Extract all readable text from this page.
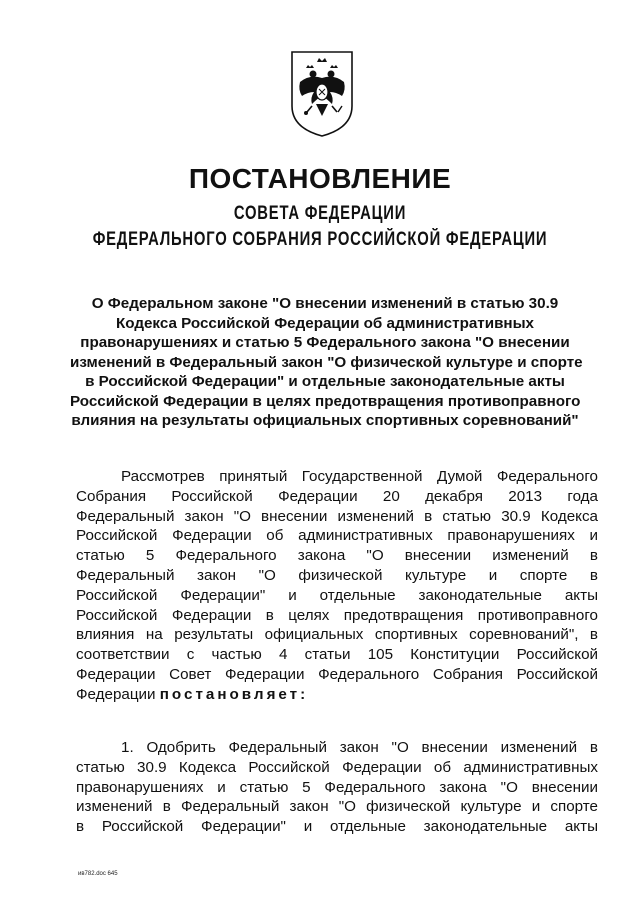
ПОСТАНОВЛЕНИЕ
СОВЕТА ФЕДЕРАЦИИ
ФЕДЕРАЛЬНОГО СОБРАНИЯ РОССИЙСКОЙ ФЕДЕРАЦИИ
О Федеральном законе "О внесении изменений в статью 30.9
Кодекса Российской Федерации об административных
правонарушениях и статью 5 Федерального закона "О внесении
изменений в Федеральный закон "О физической культуре и спорте
в Российской Федерации" и отдельные законодательные акты
Российской Федерации в целях предотвращения противоправного
влияния на результаты официальных спортивных соревнований"
Рассмотрев принятый Государственной Думой Федерального
Собрания Российской Федерации 20 декабря 2013 года
Федеральный закон "О внесении изменений в статью 30.9 Кодекса
Российской Федерации об административных правонарушениях и
статью 5 Федерального закона "О внесении изменений в
Федеральный закон "О физической культуре и спорте в
Российской Федерации" и отдельные законодательные акты
Российской Федерации в целях предотвращения противоправного
влияния на результаты официальных спортивных соревнований", в
соответствии с частью 4 статьи 105 Конституции Российской
Федерации Совет Федерации Федерального Собрания Российской
Федерации постановляет:
1. Одобрить Федеральный закон "О внесении изменений в
статью 30.9 Кодекса Российской Федерации об административных
правонарушениях и статью 5 Федерального закона "О внесении
изменений в Федеральный закон "О физической культуре и спорте
в Российской Федерации" и отдельные законодательные акты
ив782.doc 645
